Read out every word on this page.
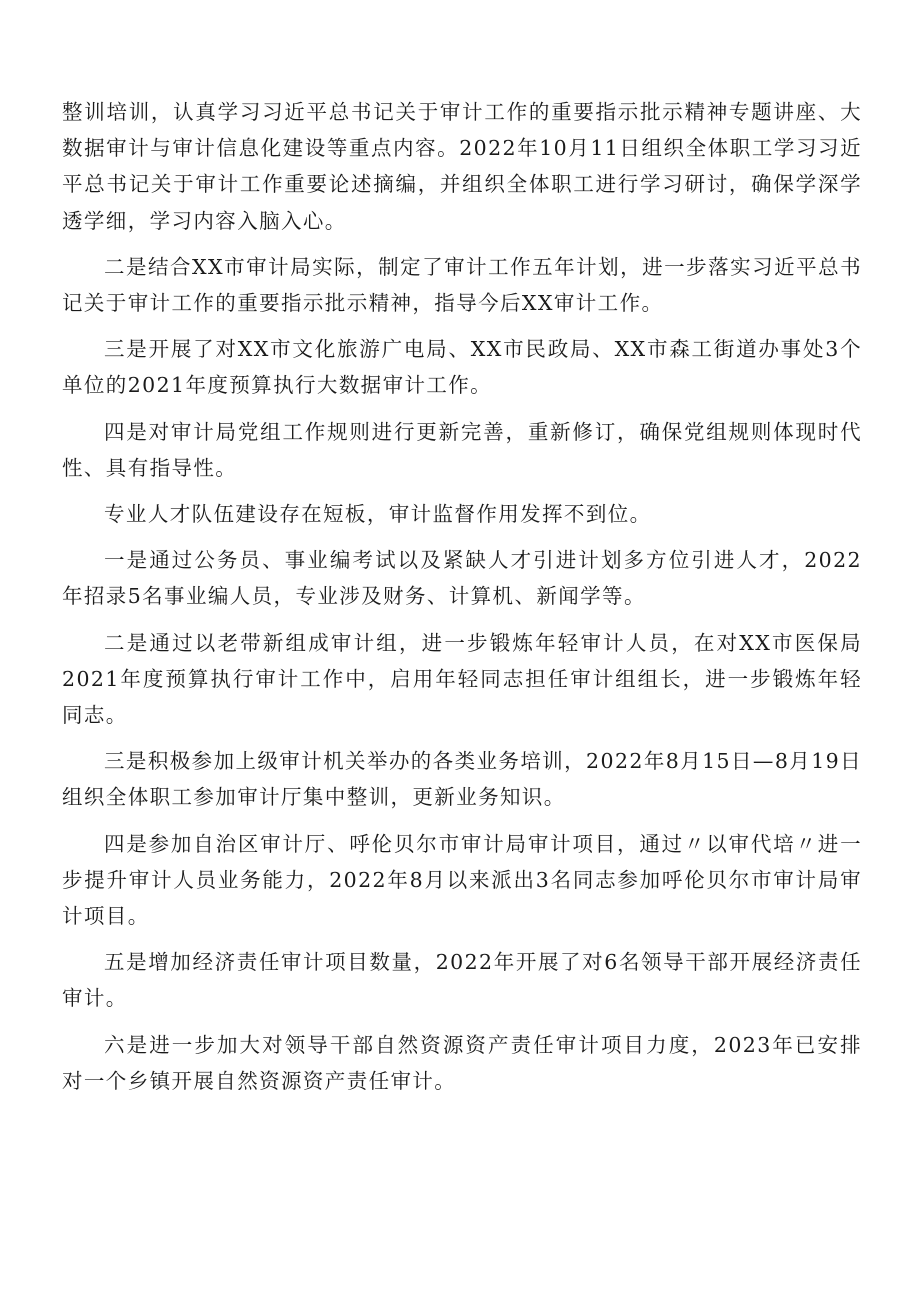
整训培训，认真学习习近平总书记关于审计工作的重要指示批示精神专题讲座、大数据审计与审计信息化建设等重点内容。2022年10月11日组织全体职工学习习近平总书记关于审计工作重要论述摘编，并组织全体职工进行学习研讨，确保学深学透学细，学习内容入脑入心。

二是结合XX市审计局实际，制定了审计工作五年计划，进一步落实习近平总书记关于审计工作的重要指示批示精神，指导今后XX审计工作。

三是开展了对XX市文化旅游广电局、XX市民政局、XX市森工街道办事处3个单位的2021年度预算执行大数据审计工作。

四是对审计局党组工作规则进行更新完善，重新修订，确保党组规则体现时代性、具有指导性。

专业人才队伍建设存在短板，审计监督作用发挥不到位。

一是通过公务员、事业编考试以及紧缺人才引进计划多方位引进人才，2022年招录5名事业编人员，专业涉及财务、计算机、新闻学等。

二是通过以老带新组成审计组，进一步锻炼年轻审计人员，在对XX市医保局2021年度预算执行审计工作中，启用年轻同志担任审计组组长，进一步锻炼年轻同志。

三是积极参加上级审计机关举办的各类业务培训，2022年8月15日—8月19日组织全体职工参加审计厅集中整训，更新业务知识。

四是参加自治区审计厅、呼伦贝尔市审计局审计项目，通过〃以审代培〃进一步提升审计人员业务能力，2022年8月以来派出3名同志参加呼伦贝尔市审计局审计项目。

五是增加经济责任审计项目数量，2022年开展了对6名领导干部开展经济责任审计。

六是进一步加大对领导干部自然资源资产责任审计项目力度，2023年已安排对一个乡镇开展自然资源资产责任审计。
